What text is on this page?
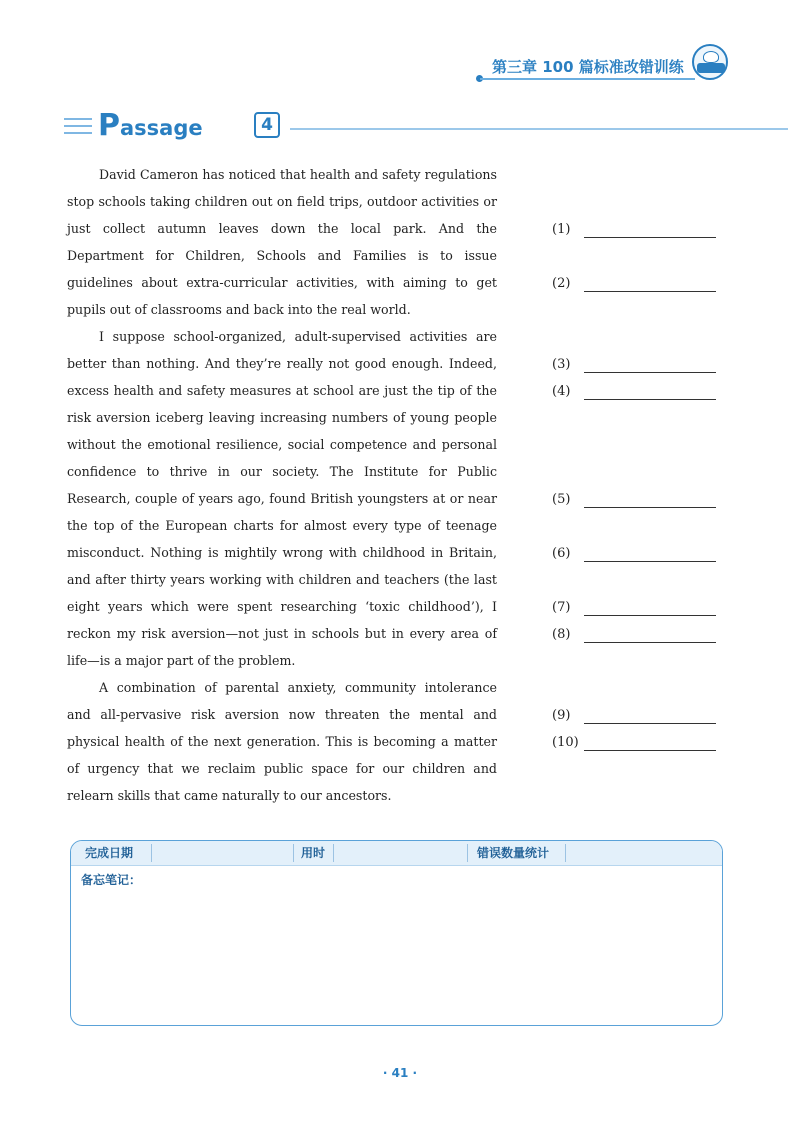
第三章 100 篇标准改错训练
Passage	4
David Cameron has noticed that health and safety regulations
stop schools taking children out on field trips, outdoor activities or
just collect autumn leaves down the local park. And the
Department for Children, Schools and Families is to issue
guidelines about extra-curricular activities, with aiming to get
pupils out of classrooms and back into the real world.
I suppose school-organized, adult-supervised activities are
better than nothing. And they’re really not good enough. Indeed,
excess health and safety measures at school are just the tip of the
risk aversion iceberg leaving increasing numbers of young people
without the emotional resilience, social competence and personal
confidence to thrive in our society. The Institute for Public
Research, couple of years ago, found British youngsters at or near
the top of the European charts for almost every type of teenage
misconduct. Nothing is mightily wrong with childhood in Britain,
and after thirty years working with children and teachers (the last
eight years which were spent researching ‘toxic childhood’), I
reckon my risk aversion—not just in schools but in every area of
life—is a major part of the problem.
A combination of parental anxiety, community intolerance
and all-pervasive risk aversion now threaten the mental and
physical health of the next generation. This is becoming a matter
of urgency that we reclaim public space for our children and
relearn skills that came naturally to our ancestors.
(1)
(2)
(3)
(4)
(5)
(6)
(7)
(8)
(9)
(10)
完成日期	用时	错误数量统计
备忘笔记：
· 41 ·
